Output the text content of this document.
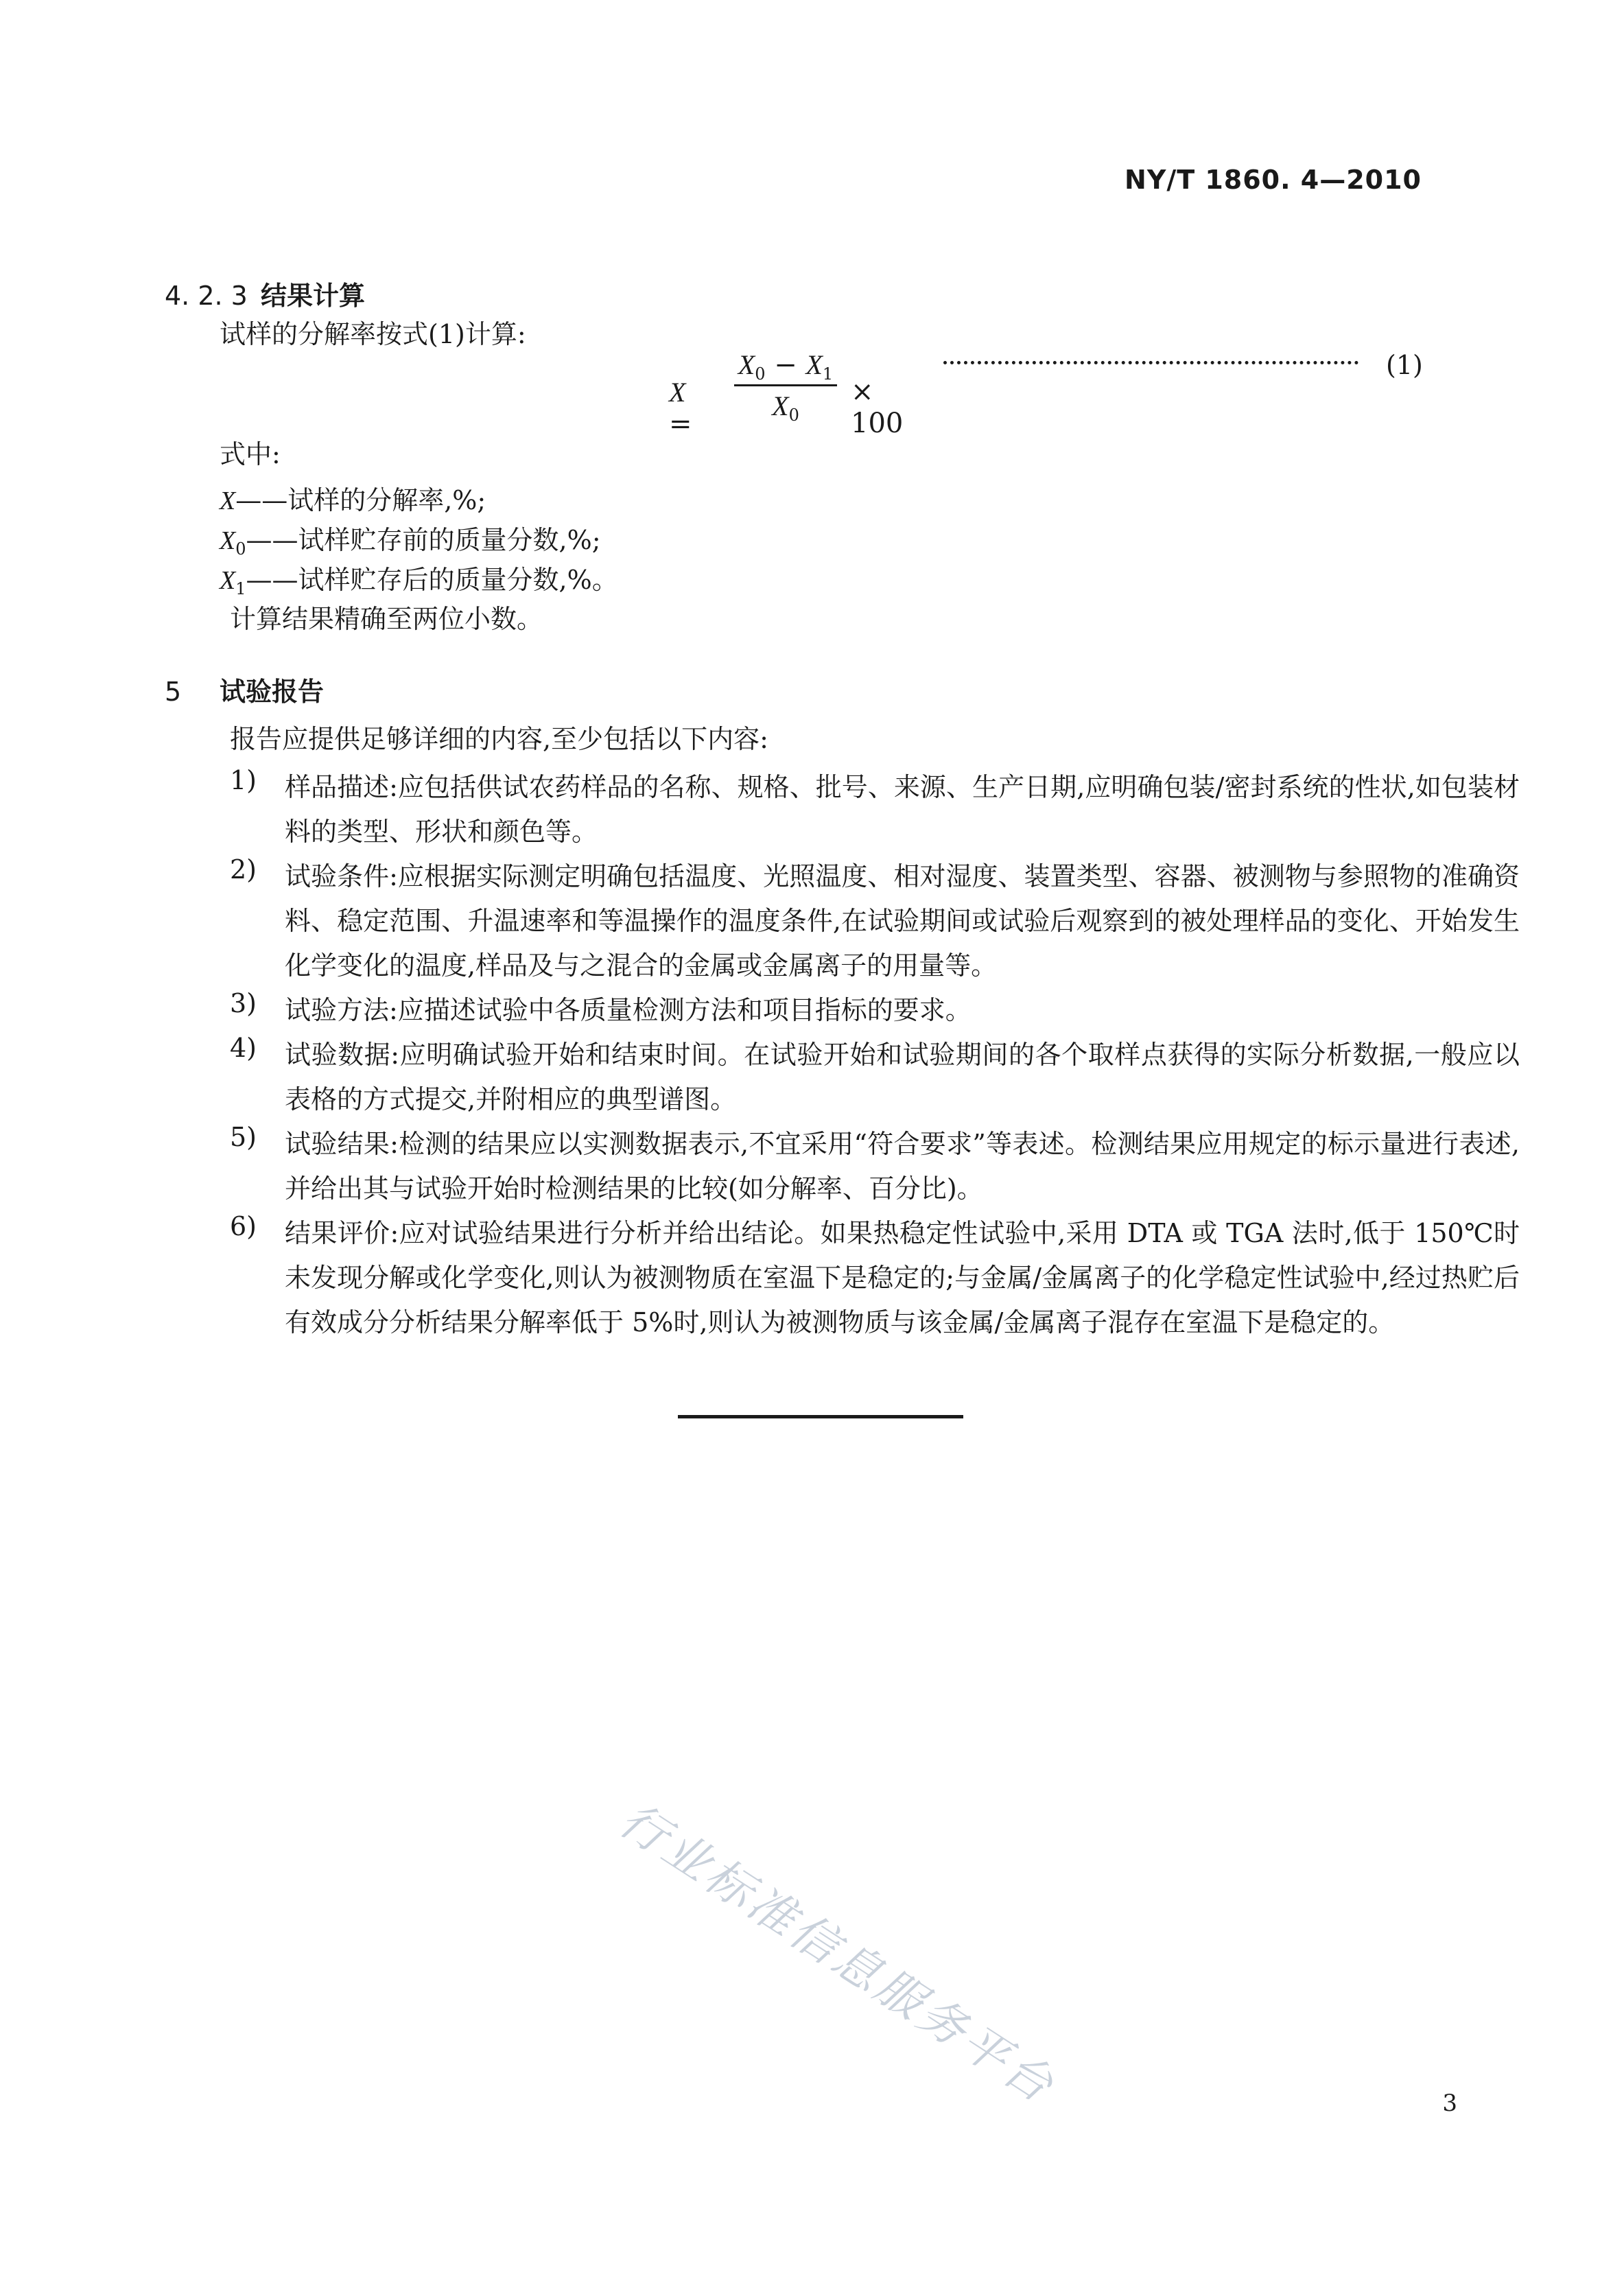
NY/T 1860. 4—2010
4. 2. 3 结果计算
试样的分解率按式(1)计算:
X =
$X_0 - X_1$
$X_0$
× 100
(1)
式中:
X——试样的分解率,%;
$X_0——$试样贮存前的质量分数,%;
$X_1——$试样贮存后的质量分数,%。
计算结果精确至两位小数。
5 试验报告
报告应提供足够详细的内容,至少包括以下内容:
1) 样品描述:应包括供试农药样品的名称、规格、批号、来源、生产日期,应明确包装/密封系统的性状,如包装材料的类型、形状和颜色等。
2) 试验条件:应根据实际测定明确包括温度、光照温度、相对湿度、装置类型、容器、被测物与参照物的准确资料、稳定范围、升温速率和等温操作的温度条件,在试验期间或试验后观察到的被处理样品的变化、开始发生化学变化的温度,样品及与之混合的金属或金属离子的用量等。
3) 试验方法:应描述试验中各质量检测方法和项目指标的要求。
4) 试验数据:应明确试验开始和结束时间。在试验开始和试验期间的各个取样点获得的实际分析数据,一般应以表格的方式提交,并附相应的典型谱图。
5) 试验结果:检测的结果应以实测数据表示,不宜采用“符合要求”等表述。检测结果应用规定的标示量进行表述,并给出其与试验开始时检测结果的比较(如分解率、百分比)。
6) 结果评价:应对试验结果进行分析并给出结论。如果热稳定性试验中,采用 DTA 或 TGA 法时,低于 150℃时未发现分解或化学变化,则认为被测物质在室温下是稳定的;与金属/金属离子的化学稳定性试验中,经过热贮后有效成分分析结果分解率低于 5%时,则认为被测物质与该金属/金属离子混存在室温下是稳定的。
行业标准信息服务平台	3
